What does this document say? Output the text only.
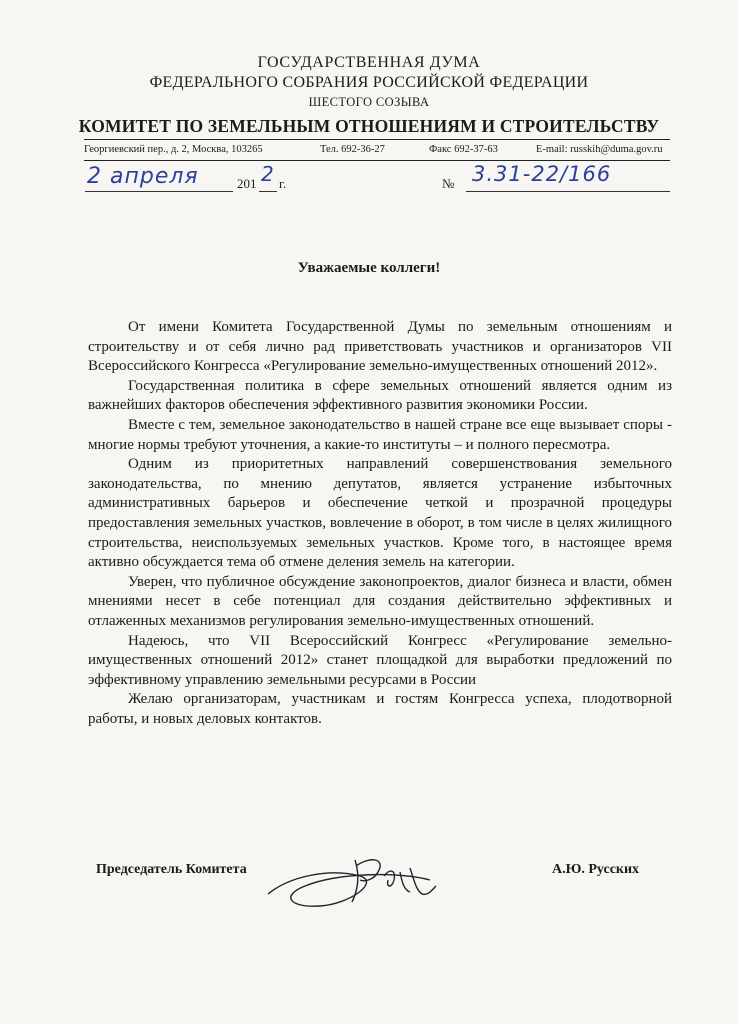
ГОСУДАРСТВЕННАЯ ДУМА
ФЕДЕРАЛЬНОГО СОБРАНИЯ РОССИЙСКОЙ ФЕДЕРАЦИИ
ШЕСТОГО СОЗЫВА
КОМИТЕТ ПО ЗЕМЕЛЬНЫМ ОТНОШЕНИЯМ И СТРОИТЕЛЬСТВУ
Георгиевский пер., д. 2, Москва, 103265	Тел. 692-36-27	Факс 692-37-63	E-mail: russkih@duma.gov.ru
2 апреля	201 2 г.	№ 3.31-22/166
Уважаемые коллеги!

От имени Комитета Государственной Думы по земельным отношениям и строительству и от себя лично рад приветствовать участников и организаторов VII Всероссийского Конгресса «Регулирование земельно-имущественных отношений 2012».

Государственная политика в сфере земельных отношений является одним из важнейших факторов обеспечения эффективного развития экономики России.

Вместе с тем, земельное законодательство в нашей стране все еще вызывает споры - многие нормы требуют уточнения, а какие-то институты – и полного пересмотра.

Одним из приоритетных направлений совершенствования земельного законодательства, по мнению депутатов, является устранение избыточных административных барьеров и обеспечение четкой и прозрачной процедуры предоставления земельных участков, вовлечение в оборот, в том числе в целях жилищного строительства, неиспользуемых земельных участков. Кроме того, в настоящее время активно обсуждается тема об отмене деления земель на категории.

Уверен, что публичное обсуждение законопроектов, диалог бизнеса и власти, обмен мнениями несет в себе потенциал для создания действительно эффективных и отлаженных механизмов регулирования земельно-имущественных отношений.

Надеюсь, что VII Всероссийский Конгресс «Регулирование земельно-имущественных отношений 2012» станет площадкой для выработки предложений по эффективному управлению земельными ресурсами в России

Желаю организаторам, участникам и гостям Конгресса успеха, плодотворной работы, и новых деловых контактов.

Председатель Комитета	А.Ю. Русских
